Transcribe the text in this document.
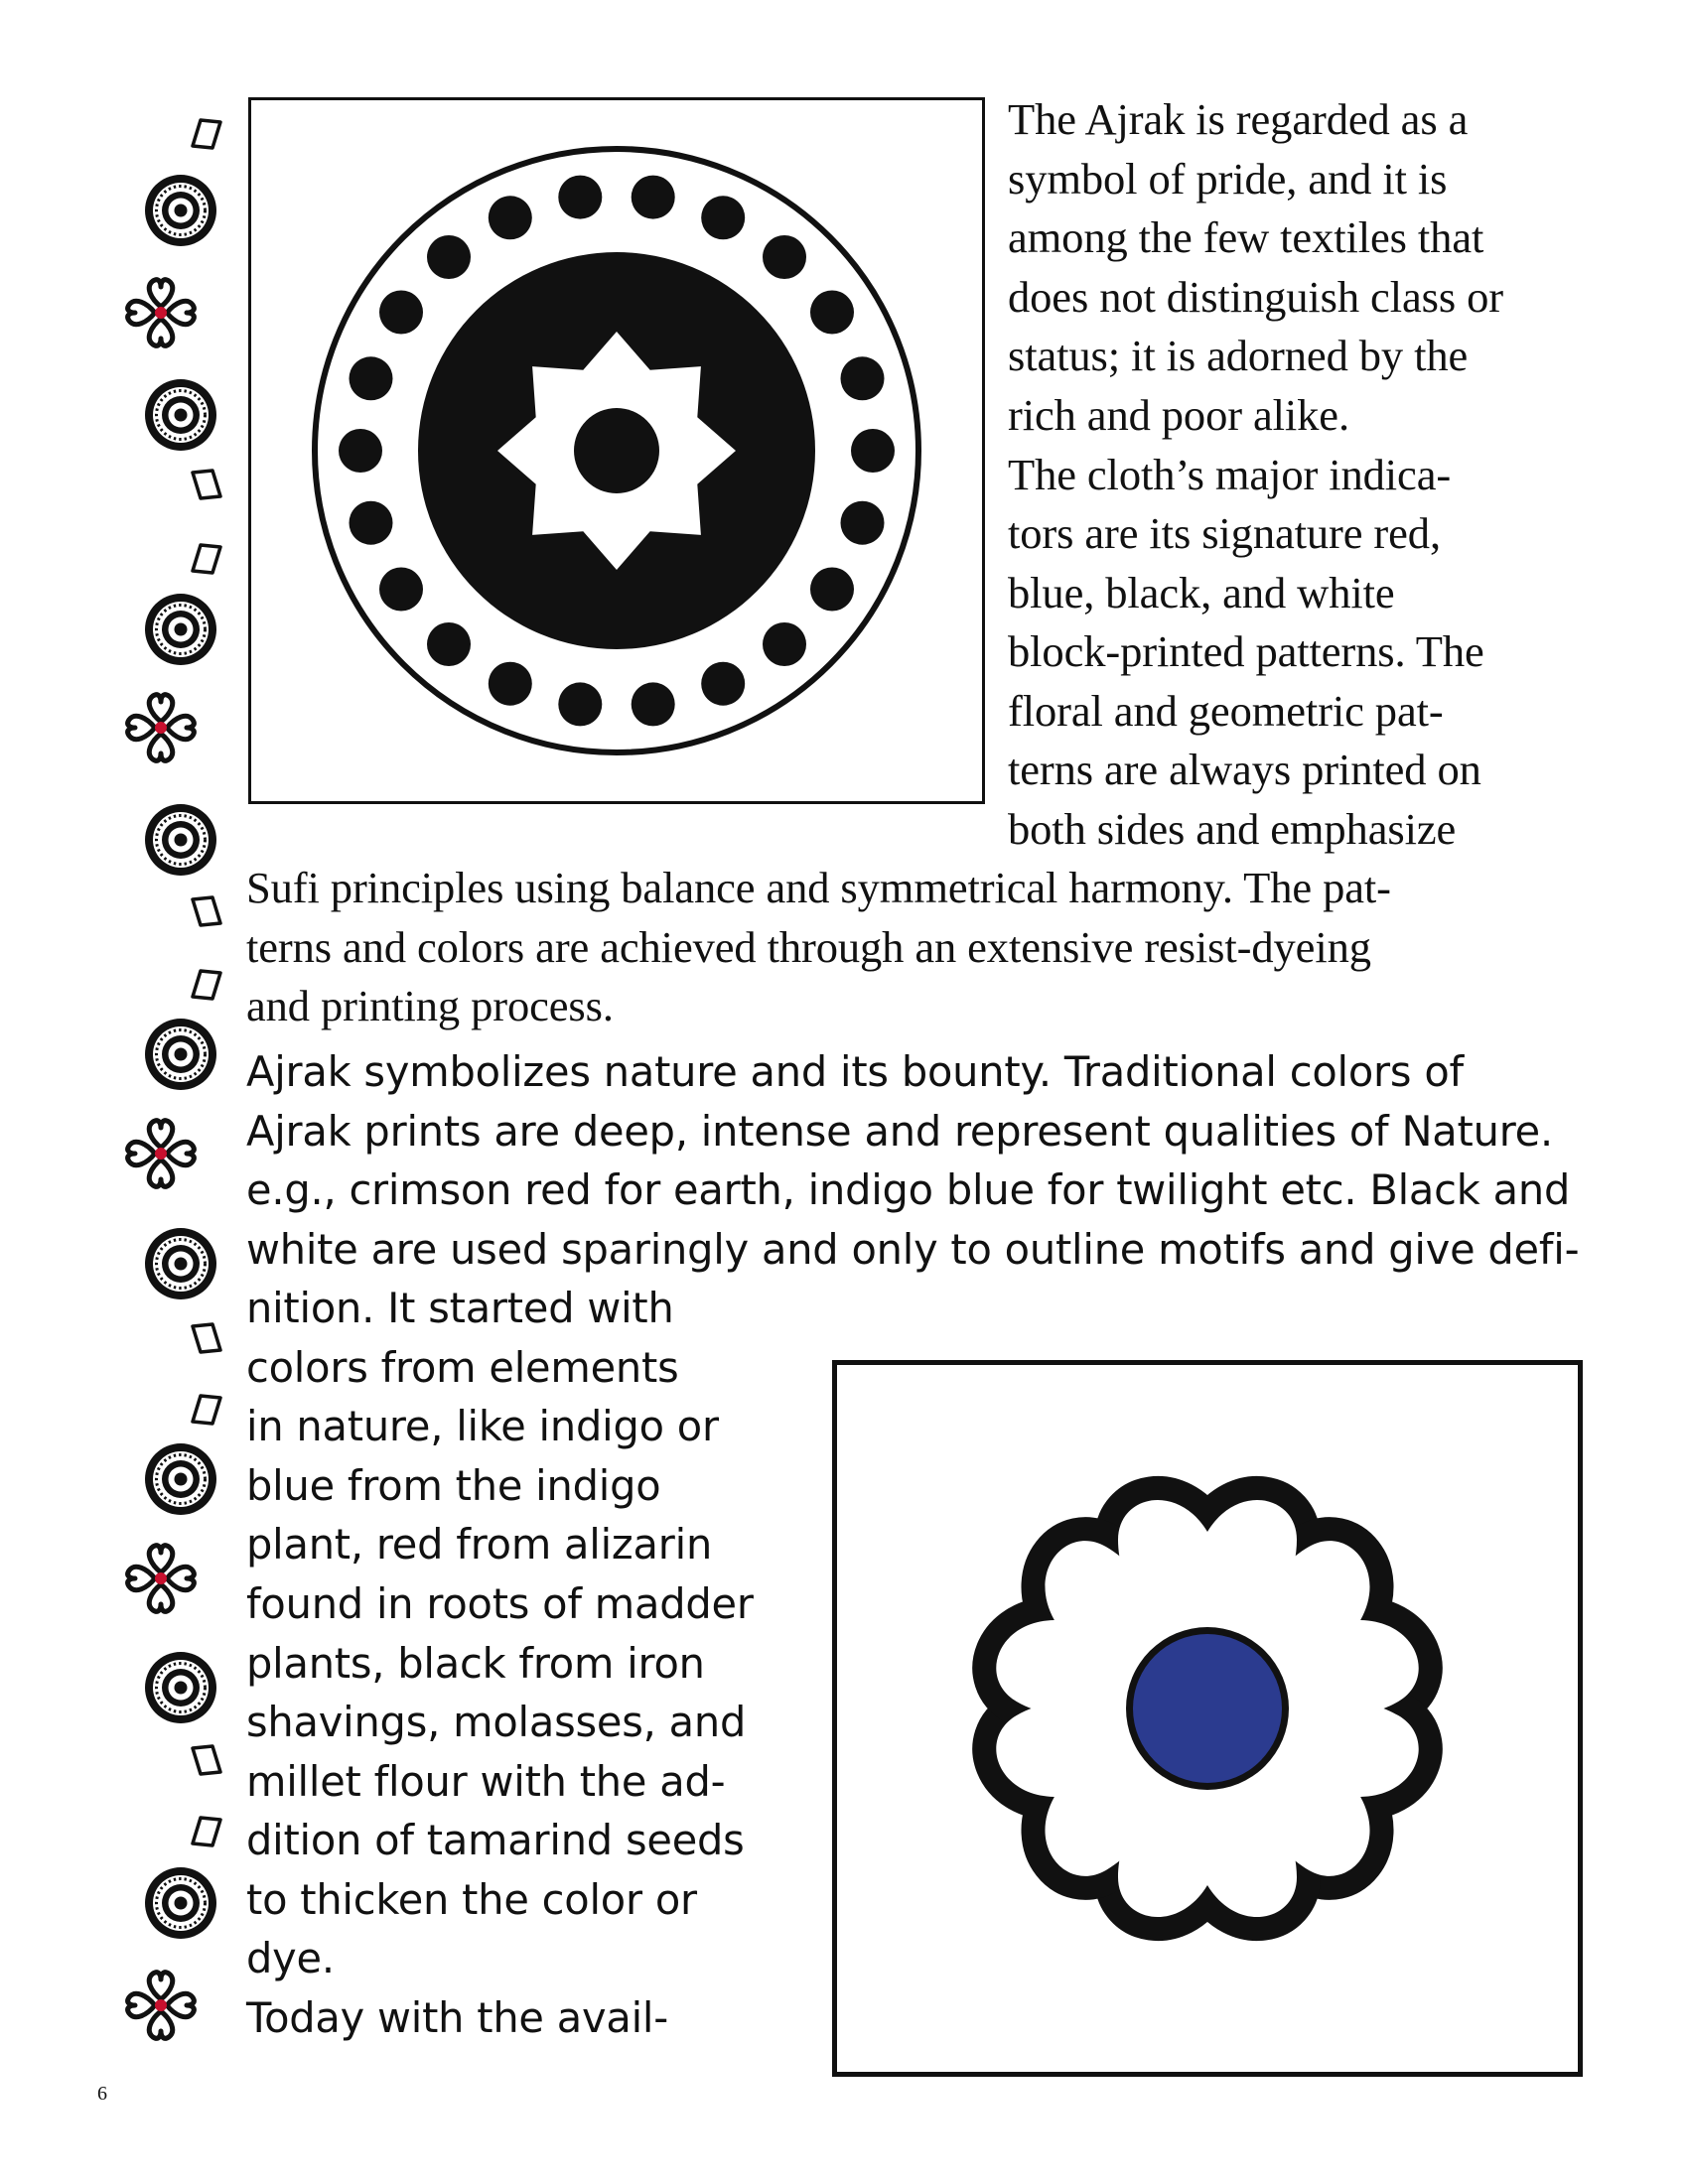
The Ajrak is regarded as a

symbol of pride, and it is

among the few textiles that

does not distinguish class or

status; it is adorned by the

rich and poor alike.

The cloth’s major indica-

tors are its signature red,

blue, black, and white

block-printed patterns. The

floral and geometric pat-

terns are always printed on

both sides and emphasize

Sufi principles using balance and symmetrical harmony. The pat-

terns and colors are achieved through an extensive resist-dyeing

and printing process.

Ajrak symbolizes nature and its bounty. Traditional colors of

Ajrak prints are deep, intense and represent qualities of Nature.

e.g., crimson red for earth, indigo blue for twilight etc. Black and

white are used sparingly and only to outline motifs and give defi-

nition. It started with

colors from elements

in nature, like indigo or

blue from the indigo

plant, red from alizarin

found in roots of madder

plants, black from iron

shavings, molasses, and

millet flour with the ad-

dition of tamarind seeds

to thicken the color or

dye.

Today with the avail-

6
